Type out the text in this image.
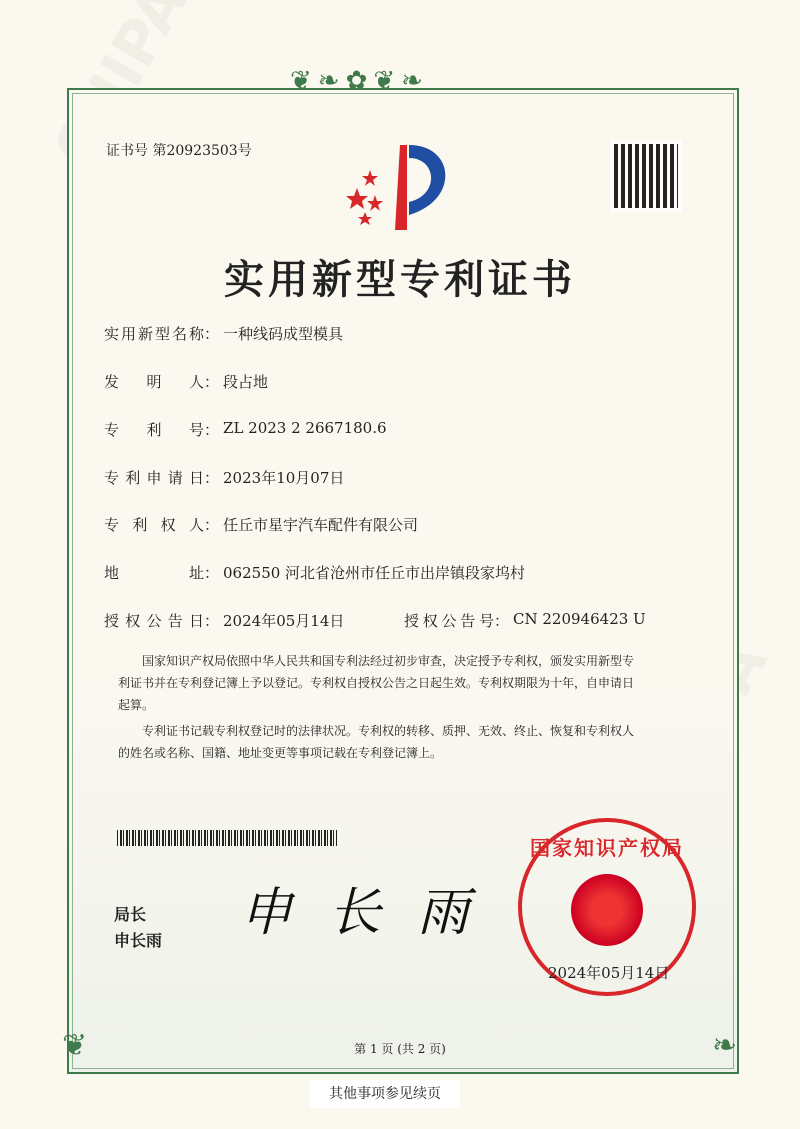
❦❧✿❦❧
❦	❧
证书号 第20923503号
实用新型专利证书
实用新型名称 ： 一种线码成型模具
发明人 ： 段占地
专利号 ： ZL 2023 2 2667180.6
专利申请日 ： 2023年10月07日
专利权人 ： 任丘市星宇汽车配件有限公司
地址 ： 062550 河北省沧州市任丘市出岸镇段家坞村
授权公告日 ： 2024年05月14日	授权公告号 ： CN 220946423 U

国家知识产权局依照中华人民共和国专利法经过初步审查，决定授予专利权，颁发实用新型专利证书并在专利登记簿上予以登记。专利权自授权公告之日起生效。专利权期限为十年，自申请日起算。

专利证书记载专利权登记时的法律状况。专利权的转移、质押、无效、终止、恢复和专利权人的姓名或名称、国籍、地址变更等事项记载在专利登记簿上。

局长
申长雨 申 长 雨
国家知识产权局
2024年05月14日
第 1 页 (共 2 页)
其他事项参见续页
